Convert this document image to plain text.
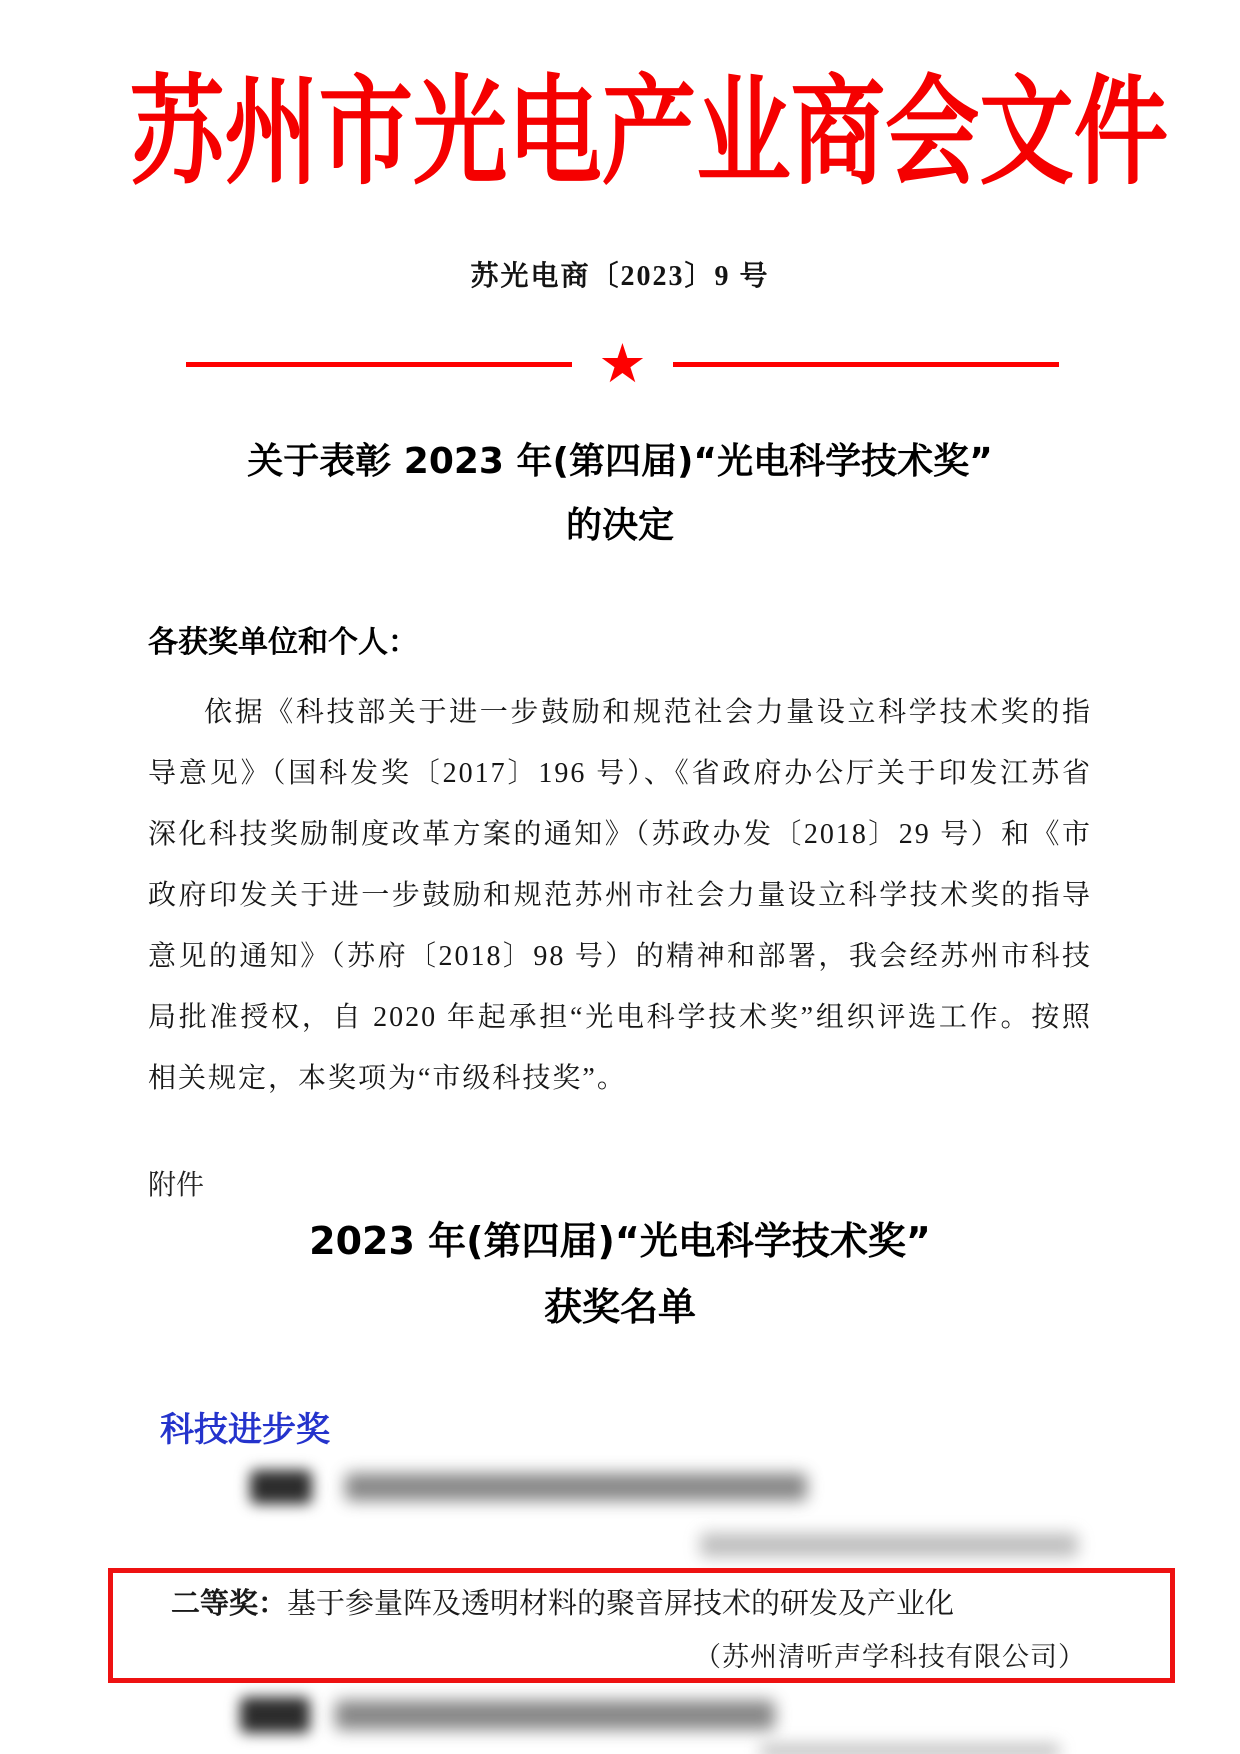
苏州市光电产业商会文件
苏光电商〔2023〕9 号
★
关于表彰 2023 年(第四届)“光电科学技术奖”
的决定
各获奖单位和个人：
依据《科技部关于进一步鼓励和规范社会力量设立科学技术奖的指导意见》（国科发奖〔2017〕196 号）、《省政府办公厅关于印发江苏省深化科技奖励制度改革方案的通知》（苏政办发〔2018〕29 号）和《市政府印发关于进一步鼓励和规范苏州市社会力量设立科学技术奖的指导意见的通知》（苏府〔2018〕98 号）的精神和部署，我会经苏州市科技局批准授权，自 2020 年起承担“光电科学技术奖”组织评选工作。按照相关规定，本奖项为“市级科技奖”。
附件
2023 年(第四届)“光电科学技术奖”
获奖名单
科技进步奖
二等奖：基于参量阵及透明材料的聚音屏技术的研发及产业化
（苏州清听声学科技有限公司）
